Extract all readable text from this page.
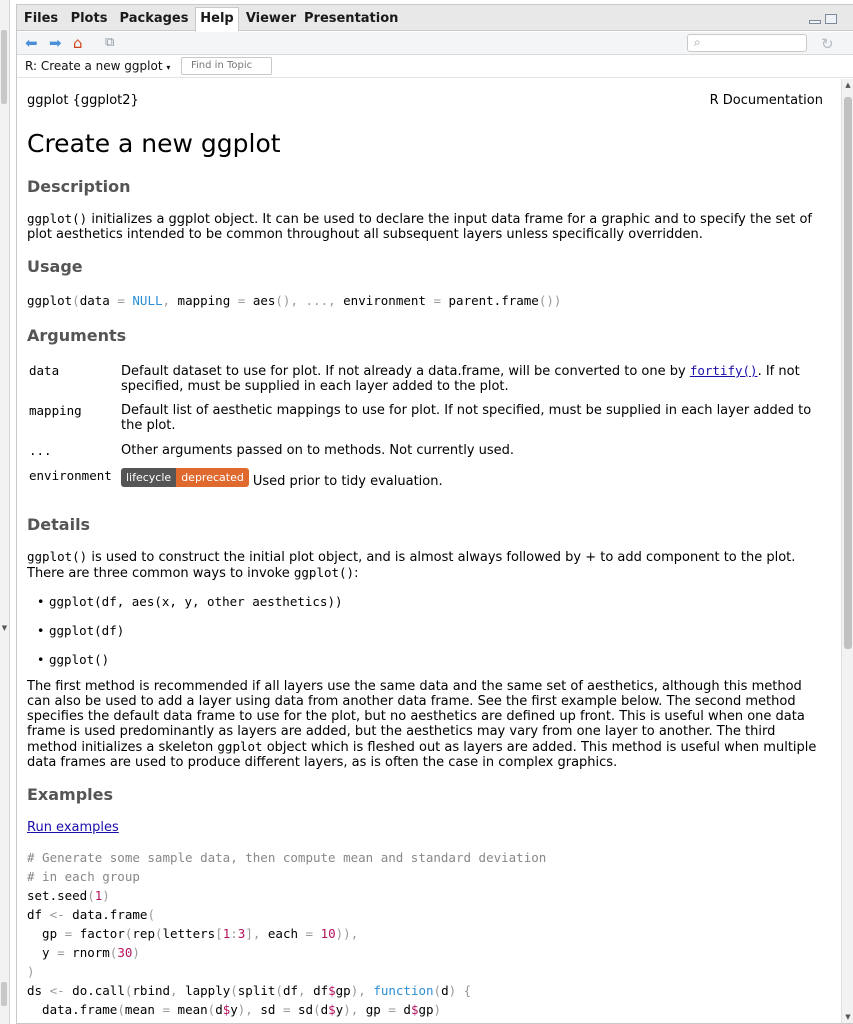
▼
Files Plots Packages Help Viewer Presentation
⬅ ➡ ⌂ ⧉	⌕	↻
R: Create a new ggplot ▾	Find in Topic
▲
▼
ggplot {ggplot2}	R Documentation
Create a new ggplot
Description
ggplot() initializes a ggplot object. It can be used to declare the input data frame for a graphic and to specify the set of plot aesthetics intended to be common throughout all subsequent layers unless specifically overridden.
Usage
ggplot(data = NULL, mapping = aes(), ..., environment = parent.frame())
Arguments
data	Default dataset to use for plot. If not already a data.frame, will be converted to one by fortify(). If not specified, must be supplied in each layer added to the plot.
mapping	Default list of aesthetic mappings to use for plot. If not specified, must be supplied in each layer added to the plot.
...	Other arguments passed on to methods. Not currently used.
environment	lifecycle deprecated Used prior to tidy evaluation.
Details
ggplot() is used to construct the initial plot object, and is almost always followed by + to add component to the plot. There are three common ways to invoke ggplot():
• ggplot(df, aes(x, y, other aesthetics))
• ggplot(df)
• ggplot()
The first method is recommended if all layers use the same data and the same set of aesthetics, although this method can also be used to add a layer using data from another data frame. See the first example below. The second method specifies the default data frame to use for the plot, but no aesthetics are defined up front. This is useful when one data frame is used predominantly as layers are added, but the aesthetics may vary from one layer to another. The third method initializes a skeleton ggplot object which is fleshed out as layers are added. This method is useful when multiple data frames are used to produce different layers, as is often the case in complex graphics.
Examples
Run examples
# Generate some sample data, then compute mean and standard deviation
# in each group
set.seed(1)
df <- data.frame(
gp = factor(rep(letters[1:3], each = 10)),
y = rnorm(30)
)
ds <- do.call(rbind, lapply(split(df, df$gp), function(d) {
data.frame(mean = mean(d$y), sd = sd(d$y), gp = d$gp)
